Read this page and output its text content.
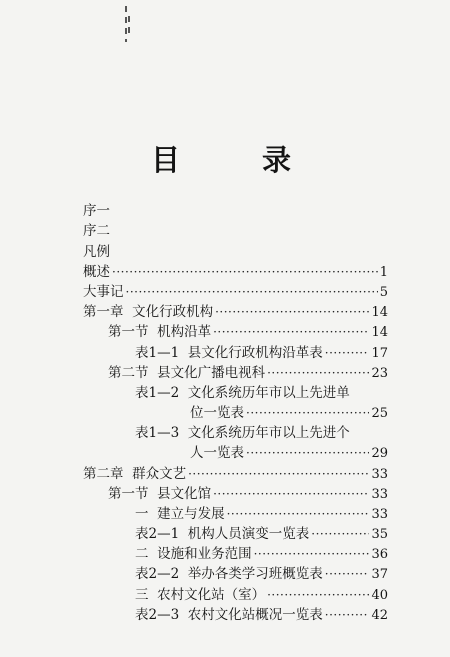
目	录
序一
序二
凡例
概述 ·····	1
大事记 ·····	5
第一章  文化行政机构 ·····	14
第一节  机构沿革 ·····	14
表1—1  县文化行政机构沿革表 ·····	17
第二节  县文化广播电视科 ·····	23
表1—2  文化系统历年市以上先进单
位一览表 ·····	25
表1—3  文化系统历年市以上先进个
人一览表 ·····	29
第二章  群众文艺 ·····	33
第一节  县文化馆 ·····	33
一  建立与发展 ·····	33
表2—1  机构人员演变一览表 ·····	35
二  设施和业务范围 ·····	36
表2—2  举办各类学习班概览表 ·····	37
三  农村文化站（室） ·····	40
表2—3  农村文化站概况一览表 ·····	42
